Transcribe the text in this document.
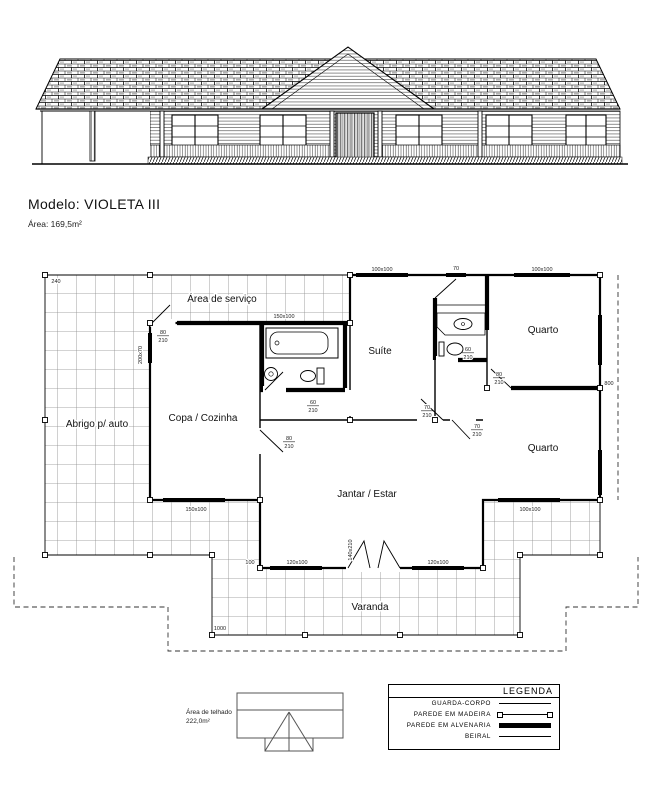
Modelo: VIOLETA III
Área: 169,5m²
Área de serviço
Abrigo p/ auto
Copa / Cozinha
Suíte
Quarto
Quarto
Jantar / Estar
Varanda
240
150x100
100x100	70	100x100
80
210
200x70
60
210
80
210
70
210
60
210
80
210
70
210
800
150x100	100x100
100	120x100	120x100
140x210
1000
Área de telhado
222,0m²
LEGENDA
GUARDA-CORPO
PAREDE EM MADEIRA
PAREDE EM ALVENARIA
BEIRAL
